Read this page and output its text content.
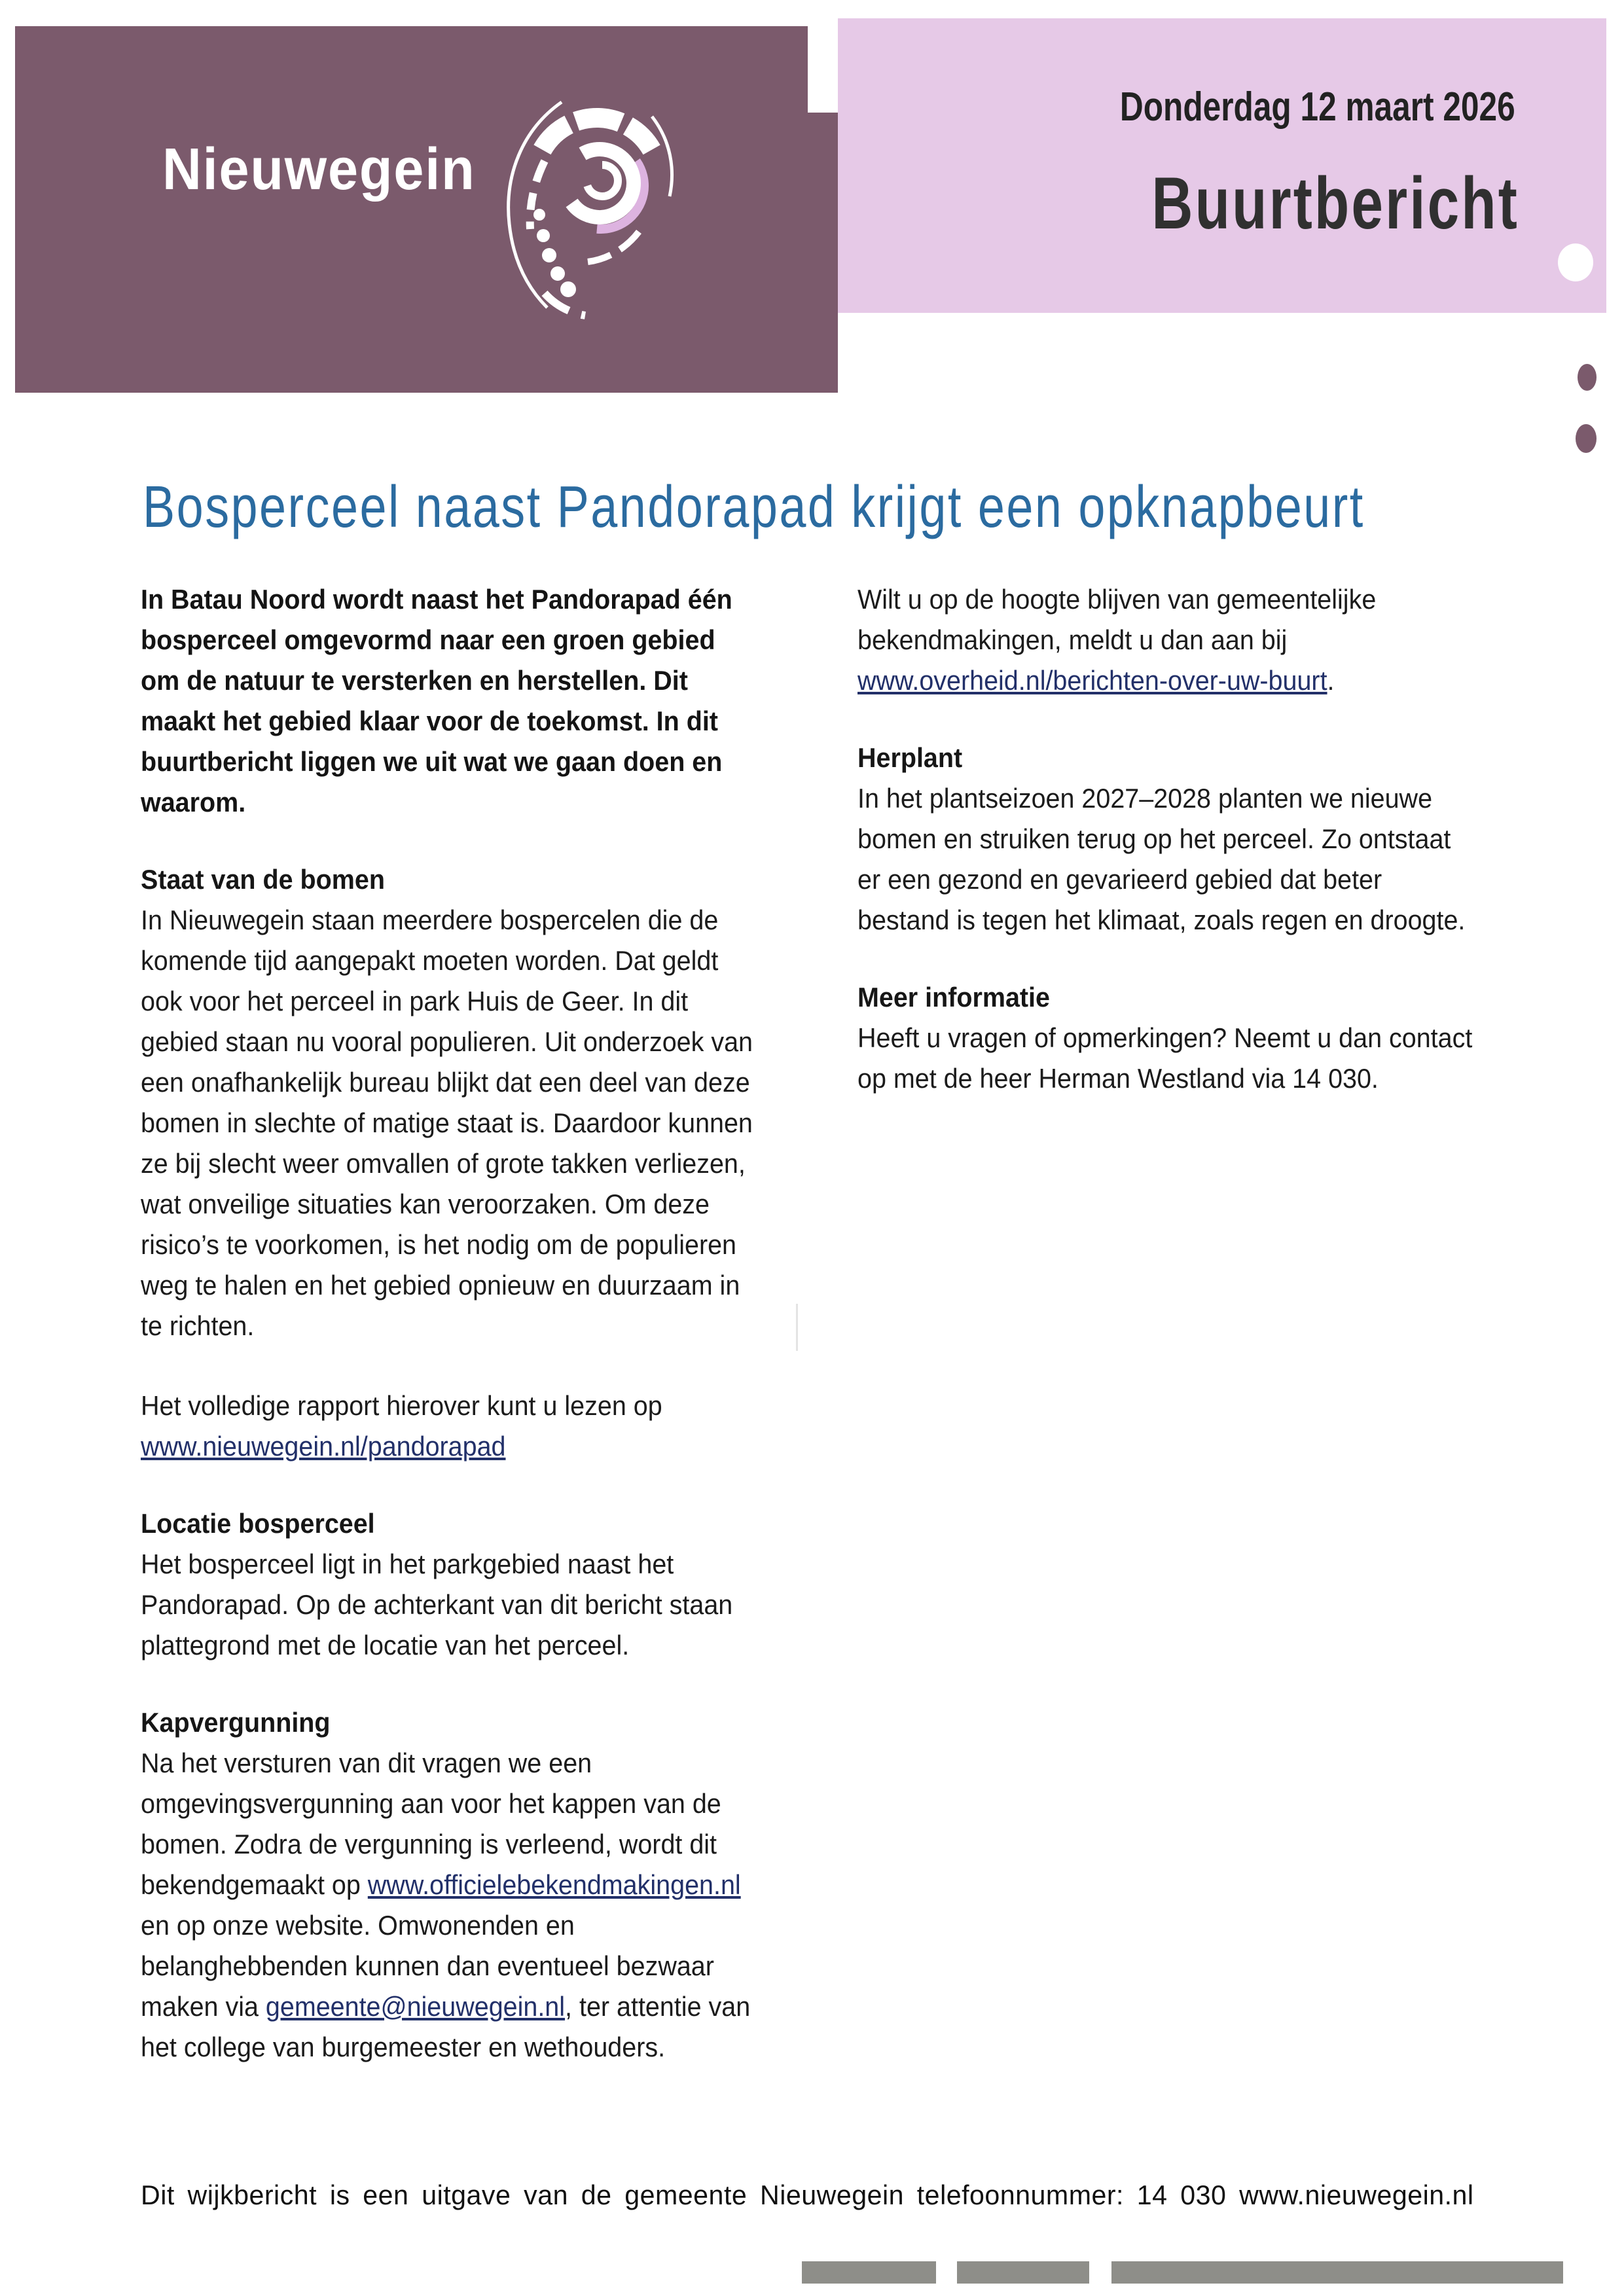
Nieuwegein
Donderdag 12 maart 2026
Buurtbericht
Bosperceel naast Pandorapad krijgt een opknapbeurt

In Batau Noord wordt naast het Pandorapad één bosperceel omgevormd naar een groen gebied om de natuur te versterken en herstellen. Dit maakt het gebied klaar voor de toekomst. In dit buurtbericht liggen we uit wat we gaan doen en waarom.

Staat van de bomen

In Nieuwegein staan meerdere bospercelen die de komende tijd aangepakt moeten worden. Dat geldt ook voor het perceel in park Huis de Geer. In dit gebied staan nu vooral populieren. Uit onderzoek van een onafhankelijk bureau blijkt dat een deel van deze bomen in slechte of matige staat is. Daardoor kunnen ze bij slecht weer omvallen of grote takken verliezen, wat onveilige situaties kan veroorzaken. Om deze risico’s te voorkomen, is het nodig om de populieren weg te halen en het gebied opnieuw en duurzaam in te richten.

Het volledige rapport hierover kunt u lezen op www.nieuwegein.nl/pandorapad

Locatie bosperceel

Het bosperceel ligt in het parkgebied naast het Pandorapad. Op de achterkant van dit bericht staan plattegrond met de locatie van het perceel.

Kapvergunning

Na het versturen van dit vragen we een omgevingsvergunning aan voor het kappen van de bomen. Zodra de vergunning is verleend, wordt dit bekendgemaakt op www.officielebekendmakingen.nl en op onze website. Omwonenden en belanghebbenden kunnen dan eventueel bezwaar maken via gemeente@nieuwegein.nl, ter attentie van het college van burgemeester en wethouders.

Wilt u op de hoogte blijven van gemeentelijke bekendmakingen, meldt u dan aan bij www.overheid.nl/berichten-over-uw-buurt.

Herplant

In het plantseizoen 2027–2028 planten we nieuwe bomen en struiken terug op het perceel. Zo ontstaat er een gezond en gevarieerd gebied dat beter bestand is tegen het klimaat, zoals regen en droogte.

Meer informatie

Heeft u vragen of opmerkingen? Neemt u dan contact op met de heer Herman Westland via 14 030.

Dit wijkbericht is een uitgave van de gemeente Nieuwegein telefoonnummer: 14 030 www.nieuwegein.nl
